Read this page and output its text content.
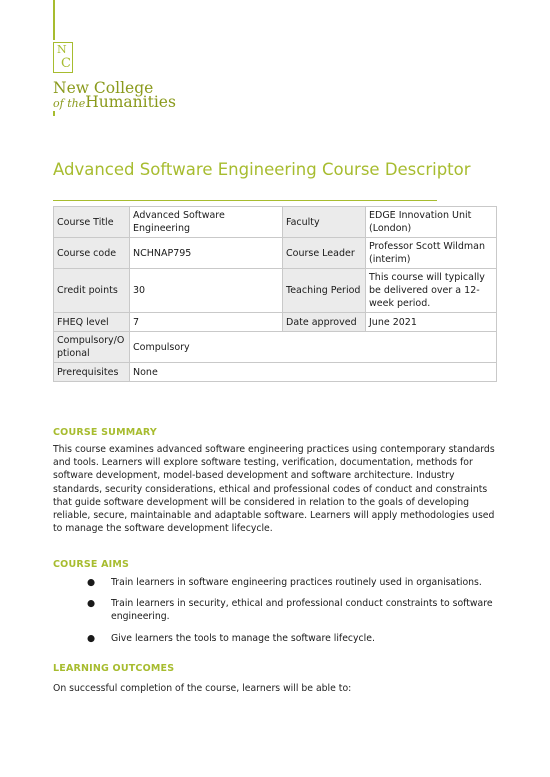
N
C
New College
of theHumanities
Advanced Software Engineering Course Descriptor
Course Title	Advanced Software Engineering	Faculty	EDGE Innovation Unit (London)
Course code	NCHNAP795	Course Leader	Professor Scott Wildman (interim)
Credit points	30	Teaching Period	This course will typically be delivered over a 12-week period.
FHEQ level	7	Date approved	June 2021
Compulsory/Optional	Compulsory		
Prerequisites	None		
COURSE SUMMARY
This course examines advanced software engineering practices using contemporary standards and tools. Learners will explore software testing, verification, documentation, methods for software development, model-based development and software architecture. Industry standards, security considerations, ethical and professional codes of conduct and constraints that guide software development will be considered in relation to the goals of developing reliable, secure, maintainable and adaptable software. Learners will apply methodologies used to manage the software development lifecycle.
COURSE AIMS
● Train learners in software engineering practices routinely used in organisations.
● Train learners in security, ethical and professional conduct constraints to software engineering.
● Give learners the tools to manage the software lifecycle.
LEARNING OUTCOMES
On successful completion of the course, learners will be able to:
